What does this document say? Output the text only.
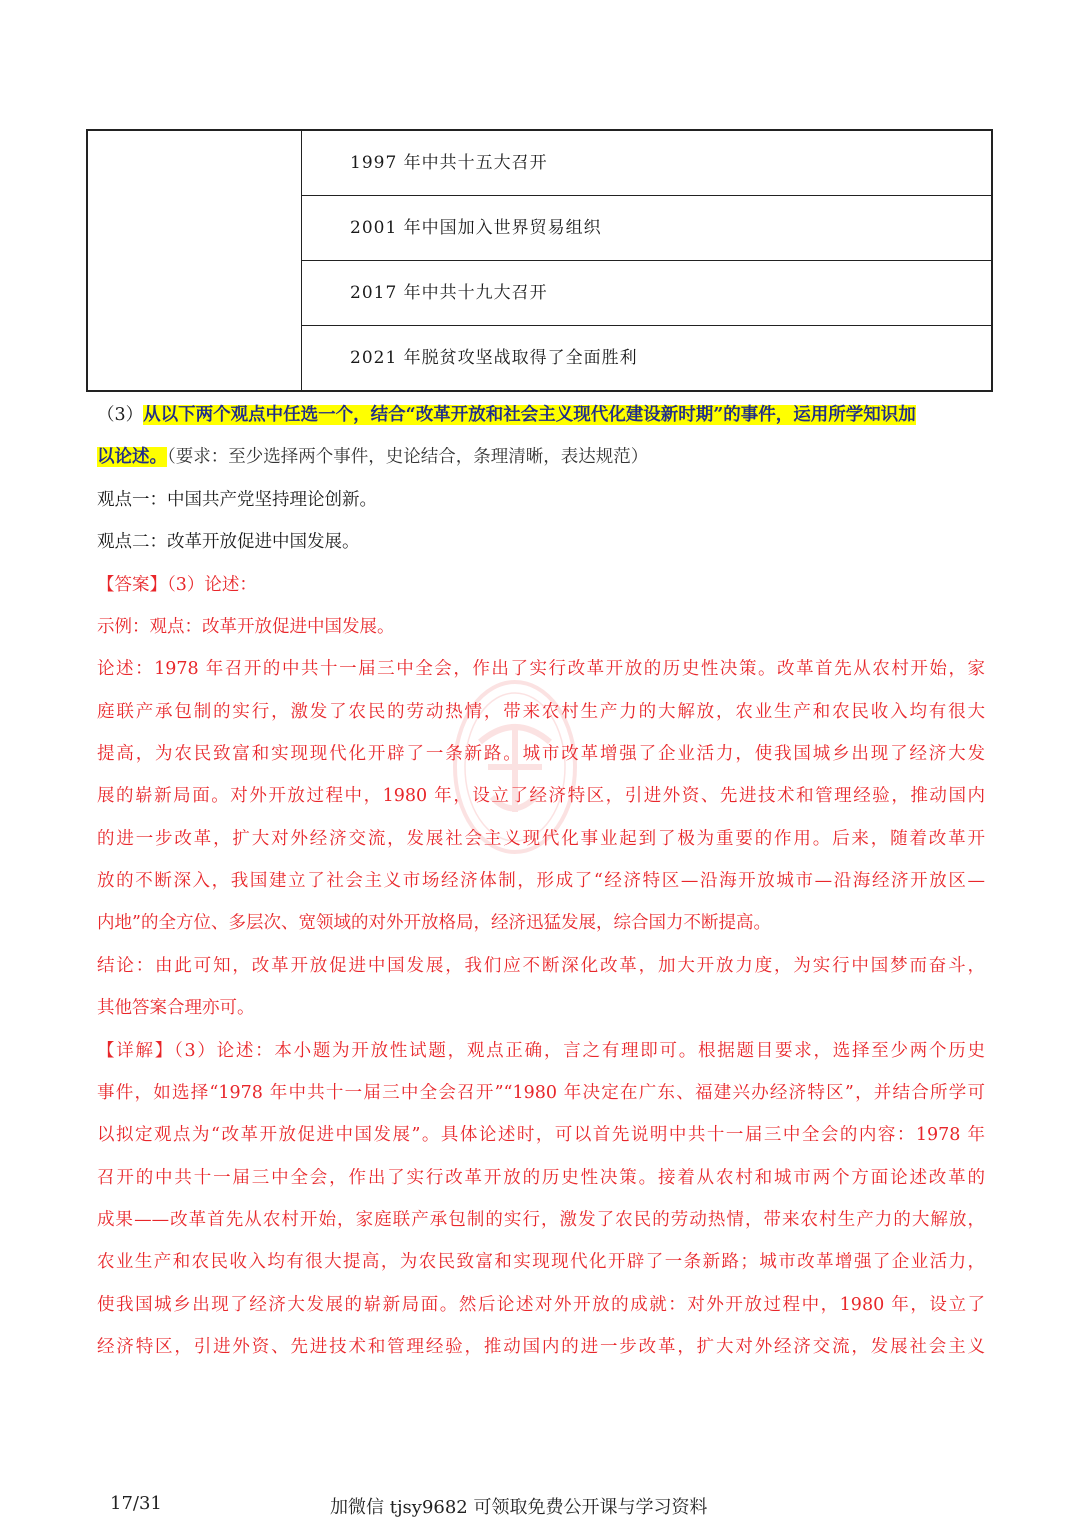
1997 年中共十五大召开
2001 年中国加入世界贸易组织
2017 年中共十九大召开
2021 年脱贫攻坚战取得了全面胜利
（3）从以下两个观点中任选一个，结合“改革开放和社会主义现代化建设新时期”的事件，运用所学知识加
以论述。（要求：至少选择两个事件，史论结合，条理清晰，表达规范）
观点一：中国共产党坚持理论创新。
观点二：改革开放促进中国发展。
【答案】（3）论述：
示例：观点：改革开放促进中国发展。
论述：1978 年召开的中共十一届三中全会，作出了实行改革开放的历史性决策。改革首先从农村开始，家
庭联产承包制的实行，激发了农民的劳动热情，带来农村生产力的大解放，农业生产和农民收入均有很大
提高，为农民致富和实现现代化开辟了一条新路。城市改革增强了企业活力，使我国城乡出现了经济大发
展的崭新局面。对外开放过程中，1980 年，设立了经济特区，引进外资、先进技术和管理经验，推动国内
的进一步改革，扩大对外经济交流，发展社会主义现代化事业起到了极为重要的作用。后来，随着改革开
放的不断深入，我国建立了社会主义市场经济体制，形成了“经济特区—沿海开放城市—沿海经济开放区—
内地”的全方位、多层次、宽领域的对外开放格局，经济迅猛发展，综合国力不断提高。
结论：由此可知，改革开放促进中国发展，我们应不断深化改革，加大开放力度，为实行中国梦而奋斗，
其他答案合理亦可。
【详解】（3）论述：本小题为开放性试题，观点正确，言之有理即可。根据题目要求，选择至少两个历史
事件，如选择“1978 年中共十一届三中全会召开”“1980 年决定在广东、福建兴办经济特区”，并结合所学可
以拟定观点为“改革开放促进中国发展”。具体论述时，可以首先说明中共十一届三中全会的内容：1978 年
召开的中共十一届三中全会，作出了实行改革开放的历史性决策。接着从农村和城市两个方面论述改革的
成果——改革首先从农村开始，家庭联产承包制的实行，激发了农民的劳动热情，带来农村生产力的大解放，
农业生产和农民收入均有很大提高，为农民致富和实现现代化开辟了一条新路；城市改革增强了企业活力，
使我国城乡出现了经济大发展的崭新局面。然后论述对外开放的成就：对外开放过程中，1980 年，设立了
经济特区，引进外资、先进技术和管理经验，推动国内的进一步改革，扩大对外经济交流，发展社会主义
17/31	加微信 tjsy9682 可领取免费公开课与学习资料
